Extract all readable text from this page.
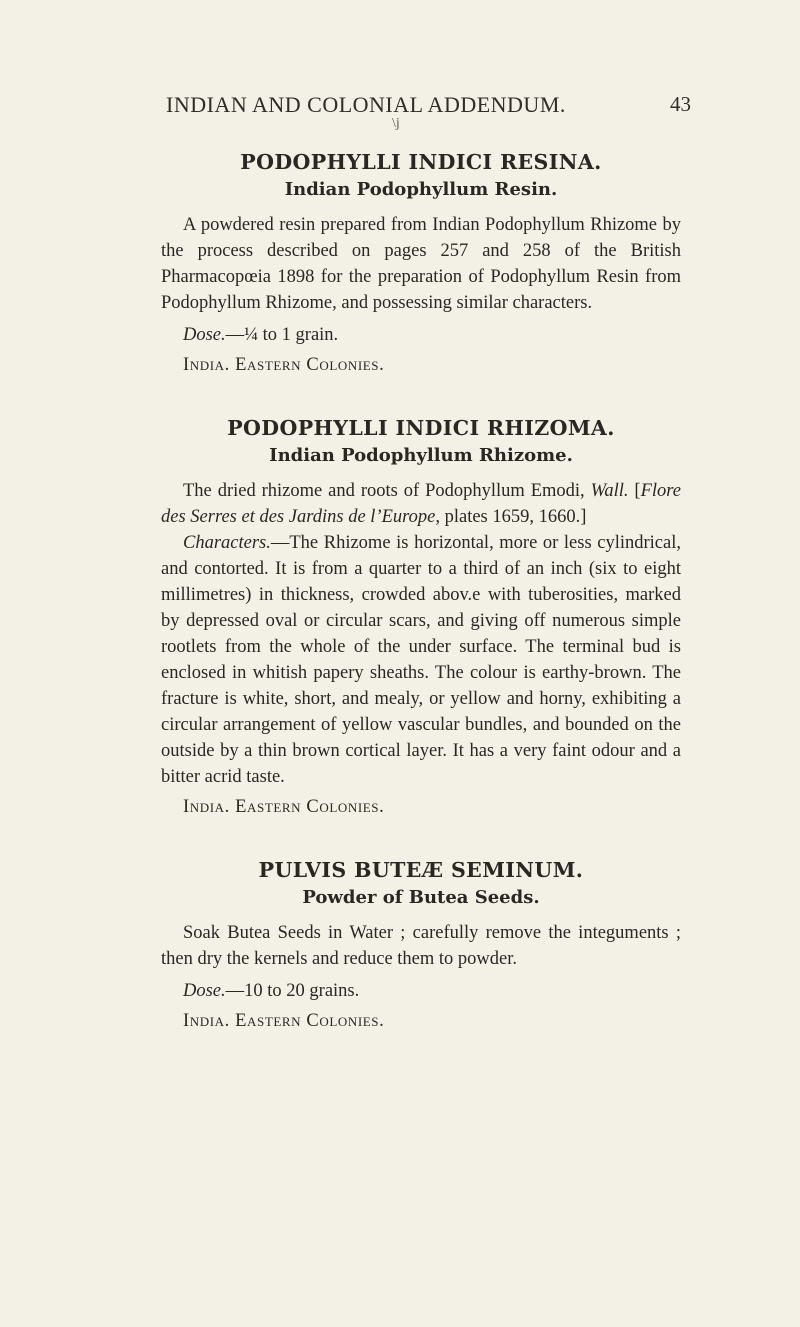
INDIAN AND COLONIAL ADDENDUM.	43
\j
PODOPHYLLI INDICI RESINA.
Indian Podophyllum Resin.

A powdered resin prepared from Indian Podophyllum Rhizome by the process described on pages 257 and 258 of the British Pharmacopœia 1898 for the preparation of Podophyllum Resin from Podophyllum Rhizome, and possessing similar characters.

Dose.—¼ to 1 grain.
India. Eastern Colonies.
PODOPHYLLI INDICI RHIZOMA.
Indian Podophyllum Rhizome.

The dried rhizome and roots of Podophyllum Emodi, Wall. [Flore des Serres et des Jardins de l’Europe, plates 1659, 1660.]

Characters.—The Rhizome is horizontal, more or less cylindrical, and contorted. It is from a quarter to a third of an inch (six to eight millimetres) in thickness, crowded abov.e with tuberosities, marked by depressed oval or circular scars, and giving off numerous simple rootlets from the whole of the under surface. The terminal bud is enclosed in whitish papery sheaths. The colour is earthy-brown. The fracture is white, short, and mealy, or yellow and horny, exhibiting a circular arrangement of yellow vascular bundles, and bounded on the outside by a thin brown cortical layer. It has a very faint odour and a bitter acrid taste.

India. Eastern Colonies.
PULVIS BUTEÆ SEMINUM.
Powder of Butea Seeds.

Soak Butea Seeds in Water ; carefully remove the integuments ; then dry the kernels and reduce them to powder.

Dose.—10 to 20 grains.
India. Eastern Colonies.
